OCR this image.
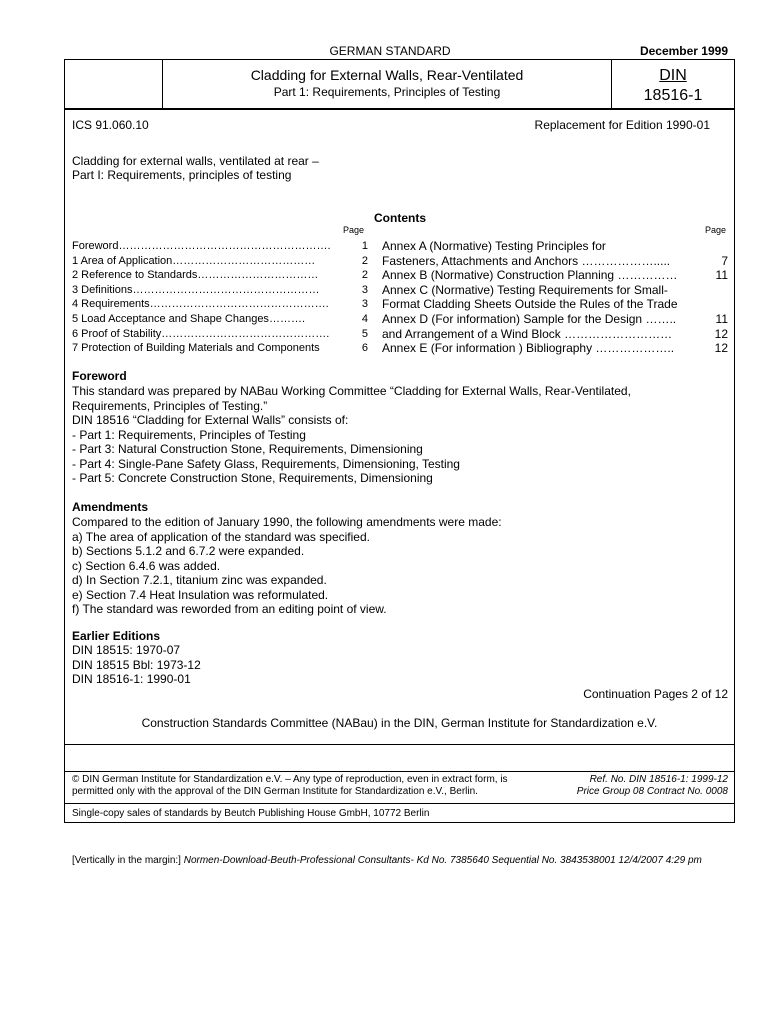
GERMAN STANDARD	December 1999
Cladding for External Walls, Rear-Ventilated
Part 1: Requirements, Principles of Testing
DIN
18516-1
ICS 91.060.10	Replacement for Edition 1990-01
Cladding for external walls, ventilated at rear –
Part I: Requirements, principles of testing
Contents
Page	Page
Foreword………………………………………………….	1
1 Area of Application…………………………………	2
2 Reference to Standards……………………………	2
3 Definitions……………………………………………	3
4 Requirements………………………………………….	3
5 Load Acceptance and Shape Changes……….	4
6 Proof of Stability……………………………………….	5
7 Protection of Building Materials and Components	6
Annex A (Normative) Testing Principles for
Fasteners, Attachments and Anchors ……………….....	7
Annex B (Normative) Construction Planning ……………	11
Annex C (Normative) Testing Requirements for Small-
Format Cladding Sheets Outside the Rules of the Trade
Annex D (For information) Sample for the Design ……..	11
and Arrangement of a Wind Block ………………………	12
Annex E (For information ) Bibliography ………………..	12
Foreword
This standard was prepared by NABau Working Committee “Cladding for External Walls, Rear-Ventilated,
Requirements, Principles of Testing.”
DIN 18516 “Cladding for External Walls” consists of:
- Part 1: Requirements, Principles of Testing
- Part 3: Natural Construction Stone, Requirements, Dimensioning
- Part 4: Single-Pane Safety Glass, Requirements, Dimensioning, Testing
- Part 5: Concrete Construction Stone, Requirements, Dimensioning
Amendments
Compared to the edition of January 1990, the following amendments were made:
a) The area of application of the standard was specified.
b) Sections 5.1.2 and 6.7.2 were expanded.
c) Section 6.4.6 was added.
d) In Section 7.2.1, titanium zinc was expanded.
e) Section 7.4 Heat Insulation was reformulated.
f) The standard was reworded from an editing point of view.
Earlier Editions
DIN 18515: 1970-07
DIN 18515 Bbl: 1973-12
DIN 18516-1: 1990-01
Continuation Pages 2 of 12
Construction Standards Committee (NABau) in the DIN, German Institute for Standardization e.V.
© DIN German Institute for Standardization e.V. – Any type of reproduction, even in extract form, is
permitted only with the approval of the DIN German Institute for Standardization e.V., Berlin.
Ref. No. DIN 18516-1: 1999-12
Price Group 08 Contract No. 0008
Single-copy sales of standards by Beutch Publishing House GmbH, 10772 Berlin
[Vertically in the margin:] Normen-Download-Beuth-Professional Consultants- Kd No. 7385640 Sequential No. 3843538001 12/4/2007 4:29 pm
